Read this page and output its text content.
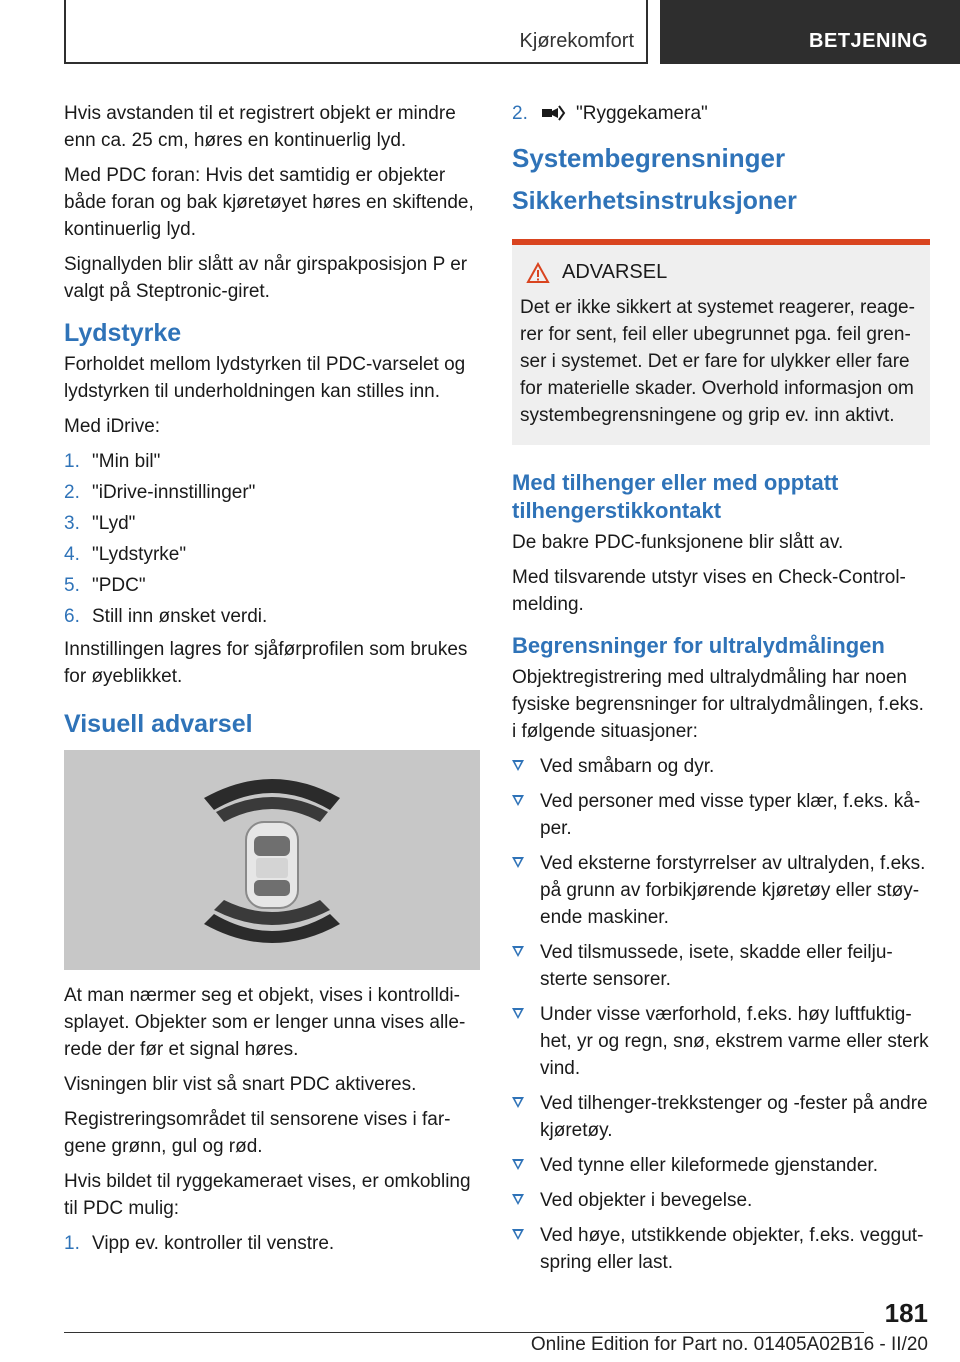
Kjørekomfort	BETJENING

Hvis avstanden til et registrert objekt er mindre enn ca. 25 cm, høres en kontinuerlig lyd.

Med PDC foran: Hvis det samtidig er objekter både foran og bak kjøretøyet høres en skiftende, kontinuerlig lyd.

Signallyden blir slått av når girspakposisjon P er valgt på Steptronic-giret.

Lydstyrke

Forholdet mellom lydstyrken til PDC-varselet og lydstyrken til underholdningen kan stilles inn.

Med iDrive:

1. "Min bil"
2. "iDrive-innstillinger"
3. "Lyd"
4. "Lydstyrke"
5. "PDC"
6. Still inn ønsket verdi.

Innstillingen lagres for sjåførprofilen som brukes for øyeblikket.

Visuell advarsel

At man nærmer seg et objekt, vises i kontrolldisplayet. Objekter som er lenger unna vises allerede der før et signal høres.

Visningen blir vist så snart PDC aktiveres.

Registreringsområdet til sensorene vises i fargene grønn, gul og rød.

Hvis bildet til ryggekameraet vises, er omkobling til PDC mulig:

1. Vipp ev. kontroller til venstre.
2.	"Ryggekamera"
Systembegrensninger
Sikkerhetsinstruksjoner
ADVARSEL

Det er ikke sikkert at systemet reagerer, reagerer for sent, feil eller ubegrunnet pga. feil grenser i systemet. Det er fare for ulykker eller fare for materielle skader. Overhold informasjon om systembegrensningene og grip ev. inn aktivt.

Med tilhenger eller med opptatt tilhengerstikkontakt

De bakre PDC-funksjonene blir slått av.

Med tilsvarende utstyr vises en Check-Control-melding.

Begrensninger for ultralydmålingen

Objektregistrering med ultralydmåling har noen fysiske begrensninger for ultralydmålingen, f.eks. i følgende situasjoner:

Ved småbarn og dyr.
Ved personer med visse typer klær, f.eks. kåper.
Ved eksterne forstyrrelser av ultralyden, f.eks. på grunn av forbikjørende kjøretøy eller støyende maskiner.
Ved tilsmussede, isete, skadde eller feiljusterte sensorer.
Under visse værforhold, f.eks. høy luftfuktighet, yr og regn, snø, ekstrem varme eller sterk vind.
Ved tilhenger-trekkstenger og -fester på andre kjøretøy.
Ved tynne eller kileformede gjenstander.
Ved objekter i bevegelse.
Ved høye, utstikkende objekter, f.eks. veggutspring eller last.
181
Online Edition for Part no. 01405A02B16 - II/20
